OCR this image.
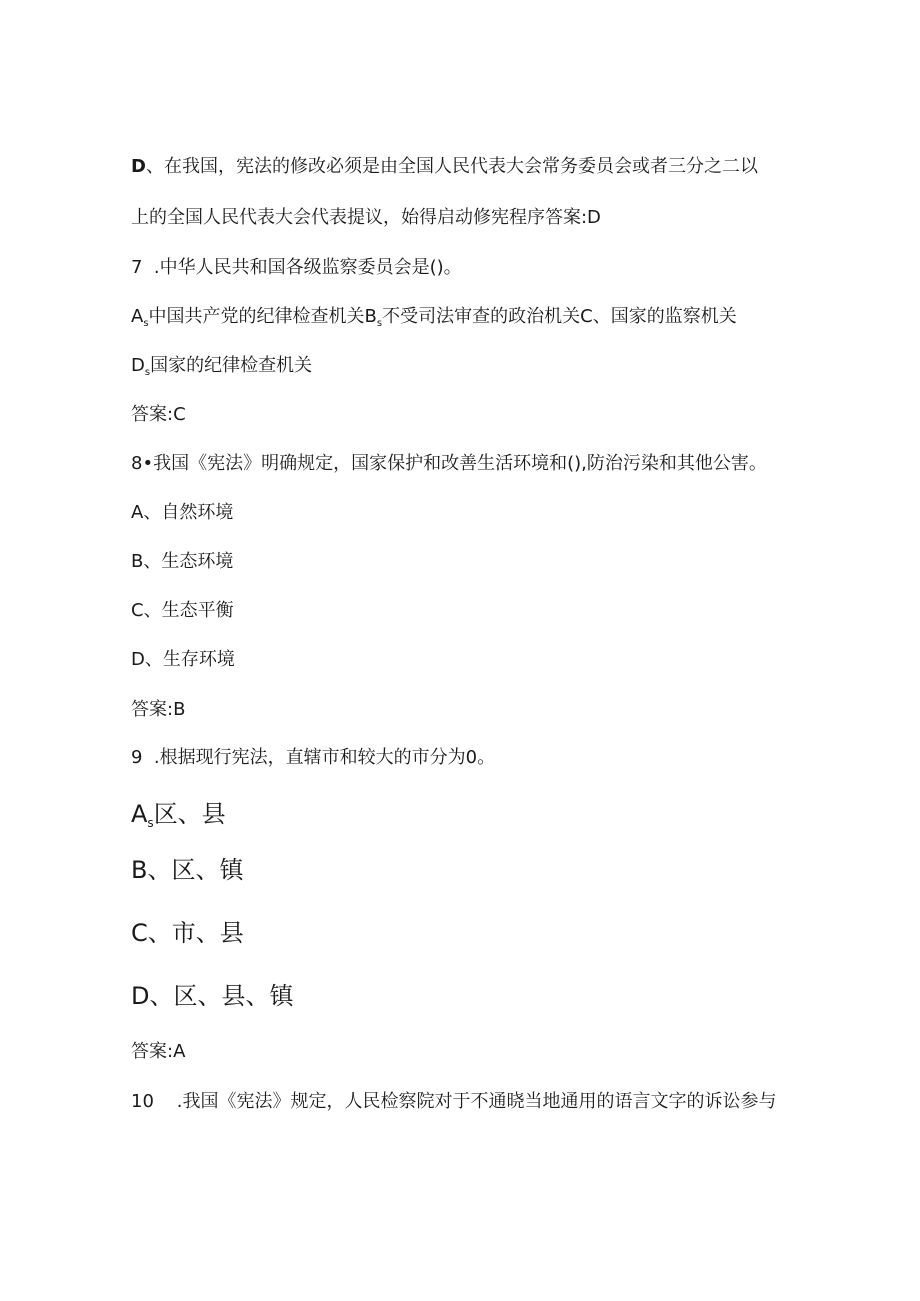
D、在我国，宪法的修改必须是由全国人民代表大会常务委员会或者三分之二以
上的全国人民代表大会代表提议，始得启动修宪程序答案:D
7  .中华人民共和国各级监察委员会是()。
$A_s$中国共产党的纪律检查机关$B_s$不受司法审查的政治机关C、国家的监察机关
$D_s$国家的纪律检查机关
答案:C
8•我国《宪法》明确规定，国家保护和改善生活环境和(),防治污染和其他公害。
A、自然环境
B、生态环境
C、生态平衡
D、生存环境
答案:B
9  .根据现行宪法，直辖市和较大的市分为0。
$A_s$区、县
B、区、镇
C、市、县
D、区、县、镇
答案:A
10    .我国《宪法》规定，人民检察院对于不通晓当地通用的语言文字的诉讼参与
